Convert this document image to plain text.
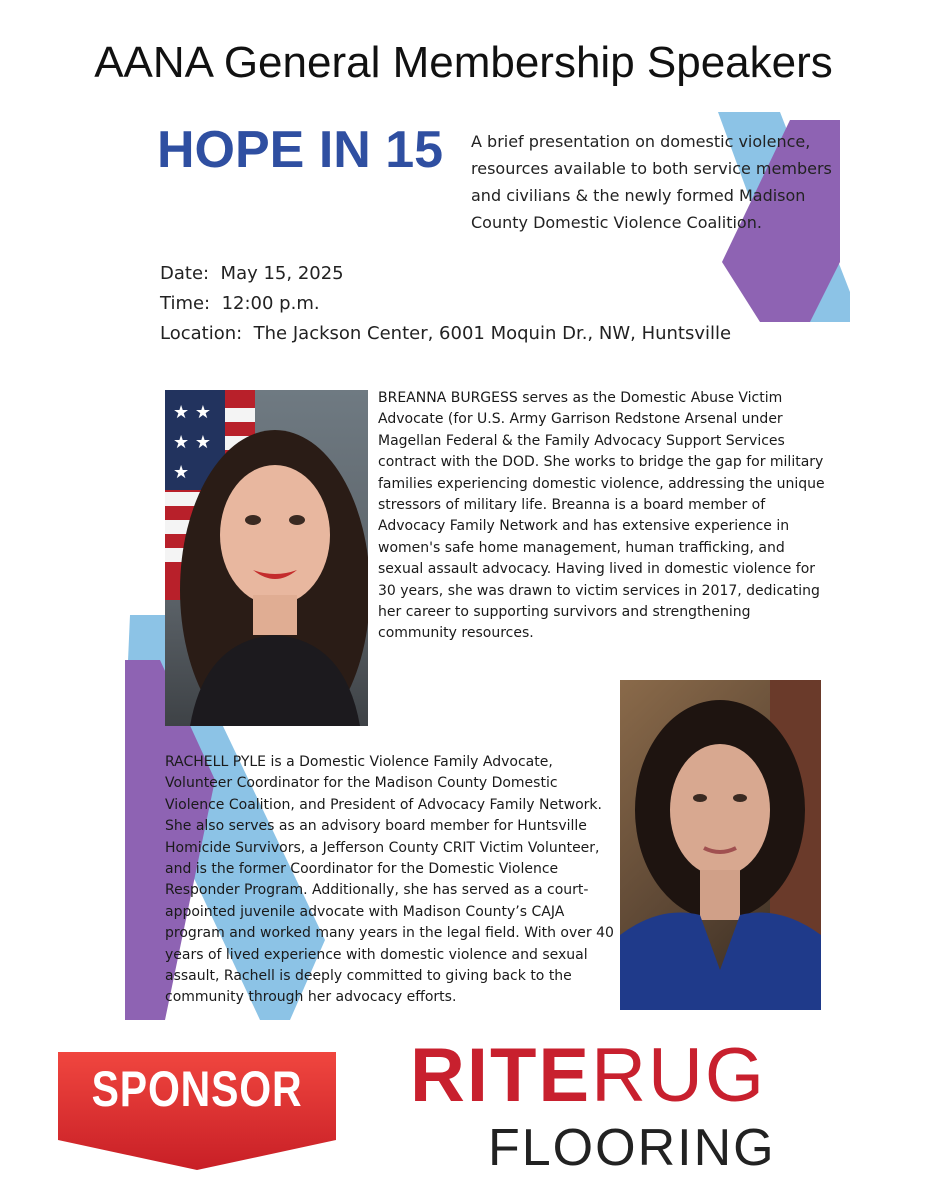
AANA General Membership Speakers
HOPE IN 15 A brief presentation on domestic violence, resources available to both service members and civilians & the newly formed Madison County Domestic Violence Coalition.
Date: May 15, 2025
Time: 12:00 p.m.
Location: The Jackson Center, 6001 Moquin Dr., NW, Huntsville
★ ★
★ ★
★
BREANNA BURGESS serves as the Domestic Abuse Victim Advocate (for U.S. Army Garrison Redstone Arsenal under Magellan Federal & the Family Advocacy Support Services contract with the DOD. She works to bridge the gap for military families experiencing domestic violence, addressing the unique stressors of military life. Breanna is a board member of Advocacy Family Network and has extensive experience in women's safe home management, human trafficking, and sexual assault advocacy. Having lived in domestic violence for 30 years, she was drawn to victim services in 2017, dedicating her career to supporting survivors and strengthening community resources.
RACHELL PYLE is a Domestic Violence Family Advocate, Volunteer Coordinator for the Madison County Domestic Violence Coalition, and President of Advocacy Family Network. She also serves as an advisory board member for Huntsville Homicide Survivors, a Jefferson County CRIT Victim Volunteer, and is the former Coordinator for the Domestic Violence Responder Program. Additionally, she has served as a court-appointed juvenile advocate with Madison County’s CAJA program and worked many years in the legal field. With over 40 years of lived experience with domestic violence and sexual assault, Rachell is deeply committed to giving back to the community through her advocacy efforts.
SPONSOR RITERUG
FLOORING
